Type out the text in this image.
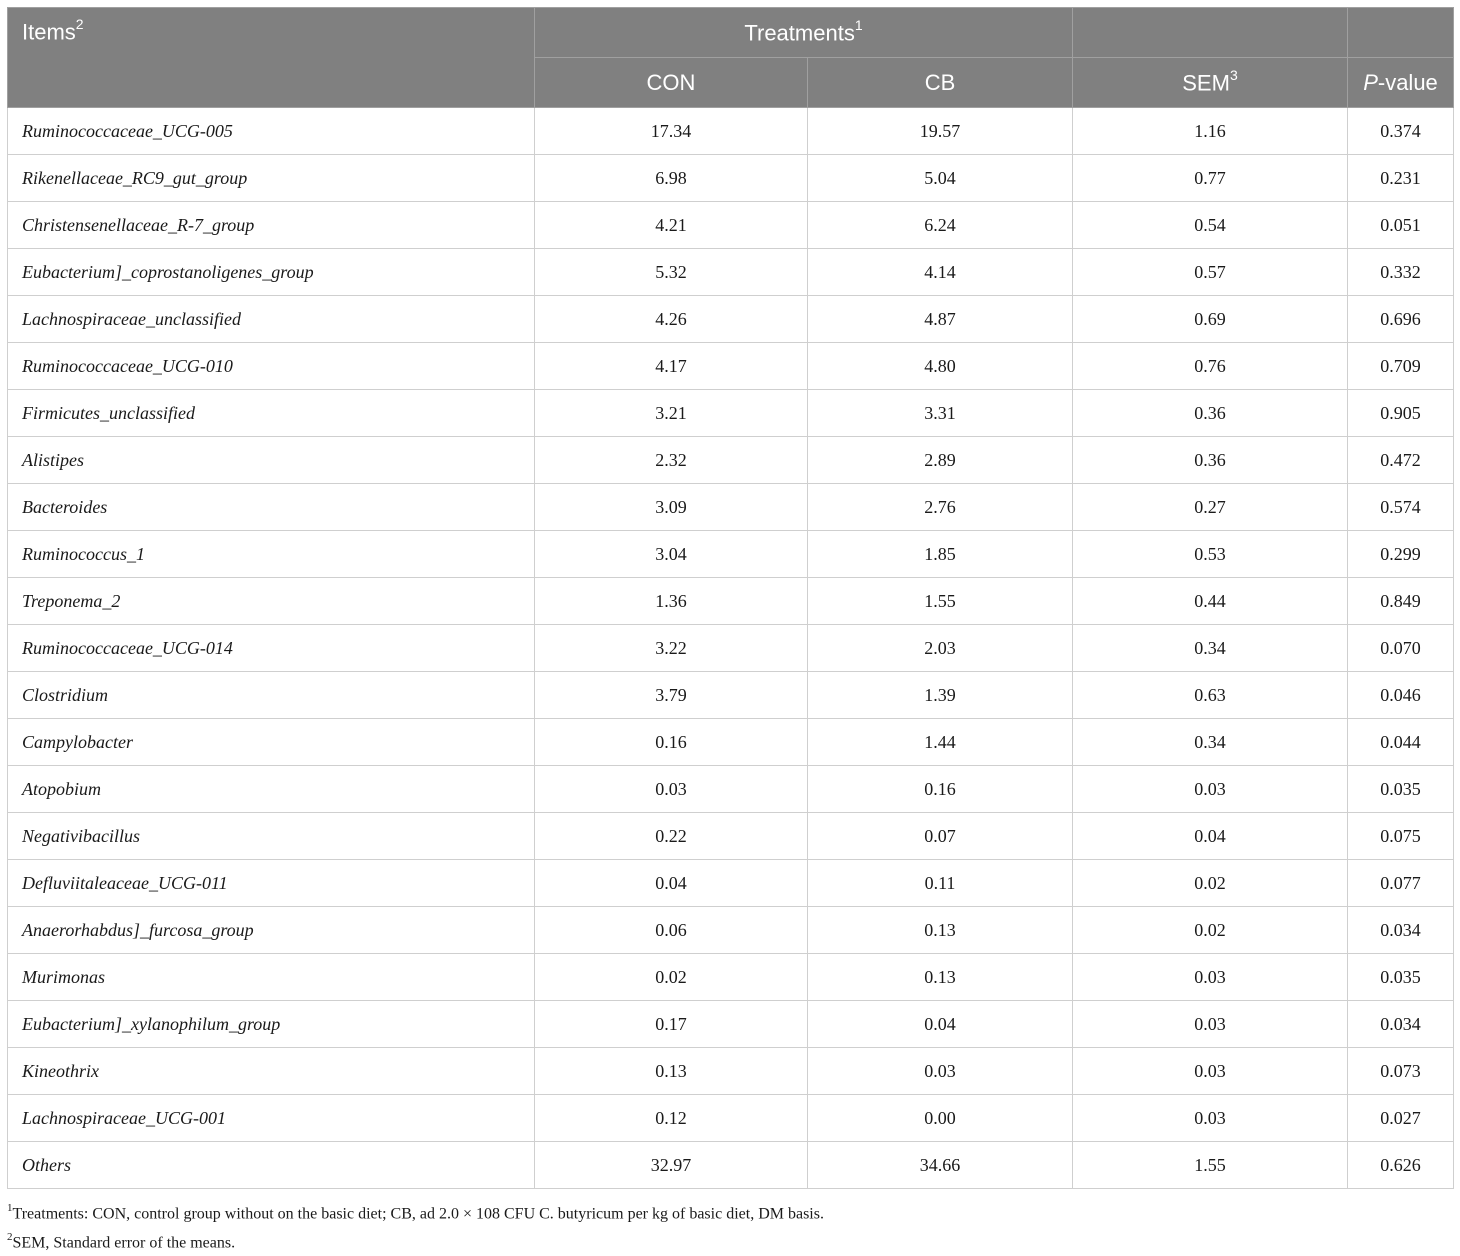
Items$^2$	Treatments$^1$		
	CON	CB	SEM$^3$	P-value
Ruminococcaceae_UCG-005	17.34	19.57	1.16	0.374
Rikenellaceae_RC9_gut_group	6.98	5.04	0.77	0.231
Christensenellaceae_R-7_group	4.21	6.24	0.54	0.051
Eubacterium]_coprostanoligenes_group	5.32	4.14	0.57	0.332
Lachnospiraceae_unclassified	4.26	4.87	0.69	0.696
Ruminococcaceae_UCG-010	4.17	4.80	0.76	0.709
Firmicutes_unclassified	3.21	3.31	0.36	0.905
Alistipes	2.32	2.89	0.36	0.472
Bacteroides	3.09	2.76	0.27	0.574
Ruminococcus_1	3.04	1.85	0.53	0.299
Treponema_2	1.36	1.55	0.44	0.849
Ruminococcaceae_UCG-014	3.22	2.03	0.34	0.070
Clostridium	3.79	1.39	0.63	0.046
Campylobacter	0.16	1.44	0.34	0.044
Atopobium	0.03	0.16	0.03	0.035
Negativibacillus	0.22	0.07	0.04	0.075
Defluviitaleaceae_UCG-011	0.04	0.11	0.02	0.077
Anaerorhabdus]_furcosa_group	0.06	0.13	0.02	0.034
Murimonas	0.02	0.13	0.03	0.035
Eubacterium]_xylanophilum_group	0.17	0.04	0.03	0.034
Kineothrix	0.13	0.03	0.03	0.073
Lachnospiraceae_UCG-001	0.12	0.00	0.03	0.027
Others	32.97	34.66	1.55	0.626
$^1$Treatments: CON, control group without on the basic diet; CB, ad 2.0 × 108 CFU C. butyricum per kg of basic diet, DM basis.
$^2$SEM, Standard error of the means.
